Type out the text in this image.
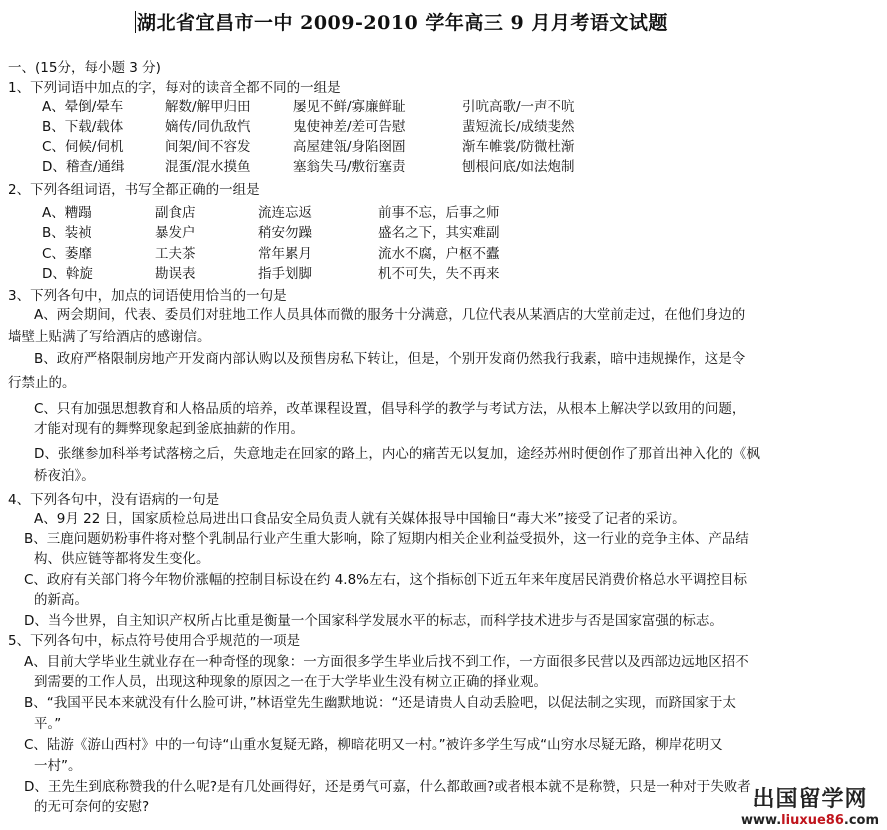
湖北省宜昌市一中 2009-2010 学年高三 9 月月考语文试题
一、(15分，每小题 3 分)
1、下列词语中加点的字，每对的读音全都不同的一组是
A、晕倒/晕车	解数/解甲归田	屡见不鲜/寡廉鲜耻	引吭高歌/一声不吭
B、下载/载体	嫡传/同仇敌忾	鬼使神差/差可告慰	蜚短流长/成绩斐然
C、伺候/伺机	间架/间不容发	高屋建瓴/身陷囹圄	渐车帷裳/防微杜渐
D、稽查/通缉	混蛋/混水摸鱼	塞翁失马/敷衍塞责	刨根问底/如法炮制
2、下列各组词语，书写全都正确的一组是
A、糟蹋	副食店	流连忘返	前事不忘，后事之师
B、装祯	暴发户	稍安勿躁	盛名之下，其实难副
C、萎靡	工夫茶	常年累月	流水不腐，户枢不蠹
D、斡旋	勘误表	指手划脚	机不可失，失不再来
3、下列各句中，加点的词语使用恰当的一句是
A、两会期间，代表、委员们对驻地工作人员具体而微的服务十分满意，几位代表从某酒店的大堂前走过，在他们身边的
墙壁上贴满了写给酒店的感谢信。
B、政府严格限制房地产开发商内部认购以及预售房私下转让，但是，个别开发商仍然我行我素，暗中违规操作，这是令
行禁止的。
C、只有加强思想教育和人格品质的培养，改革课程设置，倡导科学的教学与考试方法，从根本上解决学以致用的问题，
才能对现有的舞弊现象起到釜底抽薪的作用。
D、张继参加科举考试落榜之后，失意地走在回家的路上，内心的痛苦无以复加，途经苏州时便创作了那首出神入化的《枫
桥夜泊》。
4、下列各句中，没有语病的一句是
A、9月 22 日，国家质检总局进出口食品安全局负责人就有关媒体报导中国输日“毒大米”接受了记者的采访。
B、三鹿问题奶粉事件将对整个乳制品行业产生重大影响，除了短期内相关企业利益受损外，这一行业的竞争主体、产品结
构、供应链等都将发生变化。
C、政府有关部门将今年物价涨幅的控制目标设在约 4.8%左右，这个指标创下近五年来年度居民消费价格总水平调控目标
的新高。
D、当今世界，自主知识产权所占比重是衡量一个国家科学发展水平的标志，而科学技术进步与否是国家富强的标志。
5、下列各句中，标点符号使用合乎规范的一项是
A、目前大学毕业生就业存在一种奇怪的现象：一方面很多学生毕业后找不到工作，一方面很多民营以及西部边远地区招不
到需要的工作人员，出现这种现象的原因之一在于大学毕业生没有树立正确的择业观。
B、“我国平民本来就没有什么脸可讲，”林语堂先生幽默地说：“还是请贵人自动丢脸吧，以促法制之实现，而跻国家于太
平。”
C、陆游《游山西村》中的一句诗“山重水复疑无路，柳暗花明又一村。”被许多学生写成“山穷水尽疑无路，柳岸花明又
一村”。
D、王先生到底称赞我的什么呢?是有几处画得好，还是勇气可嘉，什么都敢画?或者根本就不是称赞，只是一种对于失败者
的无可奈何的安慰?	出国留学网
www.liuxue86.com
